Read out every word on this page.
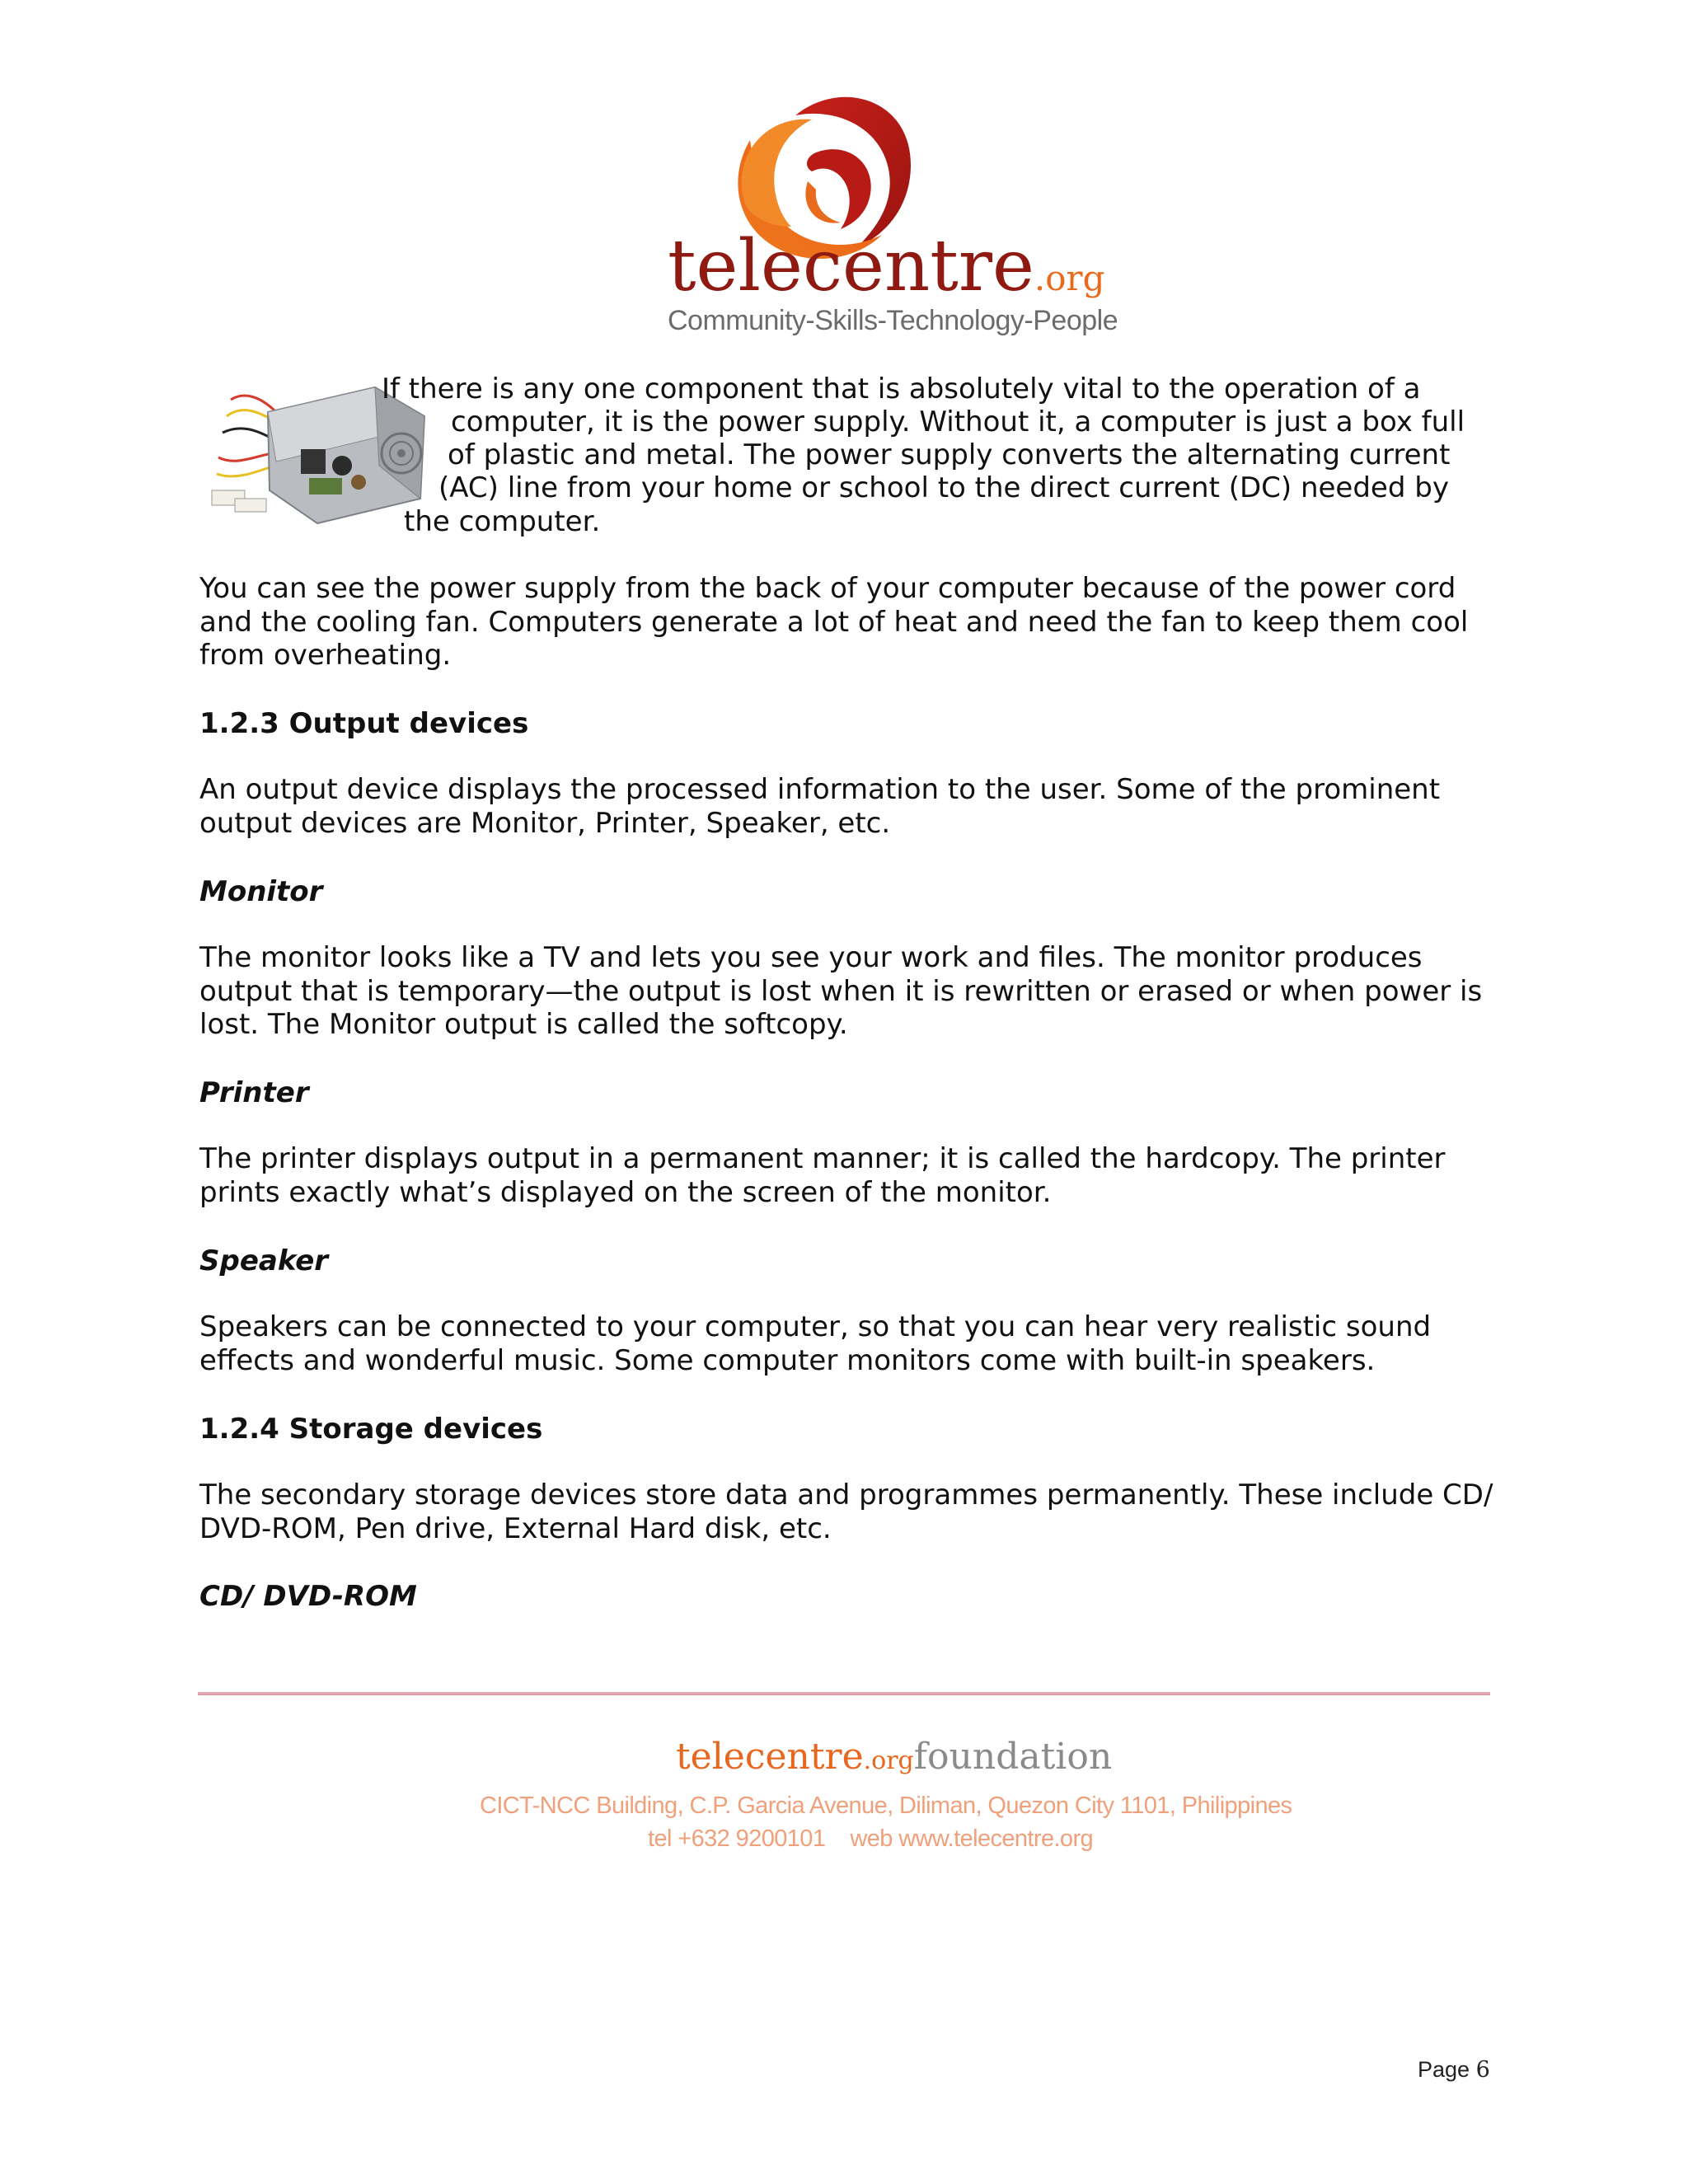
telecentre.org
Community-Skills-Technology-People
If there is any one component that is absolutely vital to the operation of a
computer, it is the power supply. Without it, a computer is just a box full
of plastic and metal. The power supply converts the alternating current
(AC) line from your home or school to the direct current (DC) needed by
the computer.

You can see the power supply from the back of your computer because of the power cord and the cooling fan. Computers generate a lot of heat and need the fan to keep them cool from overheating.

1.2.3 Output devices

An output device displays the processed information to the user. Some of the prominent output devices are Monitor, Printer, Speaker, etc.

Monitor

The monitor looks like a TV and lets you see your work and files. The monitor produces output that is temporary—the output is lost when it is rewritten or erased or when power is lost. The Monitor output is called the softcopy.

Printer

The printer displays output in a permanent manner; it is called the hardcopy. The printer prints exactly what’s displayed on the screen of the monitor.

Speaker

Speakers can be connected to your computer, so that you can hear very realistic sound effects and wonderful music. Some computer monitors come with built-in speakers.

1.2.4 Storage devices

The secondary storage devices store data and programmes permanently. These include CD/ DVD-ROM, Pen drive, External Hard disk, etc.

CD/ DVD-ROM
telecentre.orgfoundation
CICT-NCC Building, C.P. Garcia Avenue, Diliman, Quezon City 1101, Philippines
tel +632 9200101 web www.telecentre.org
Page 6
